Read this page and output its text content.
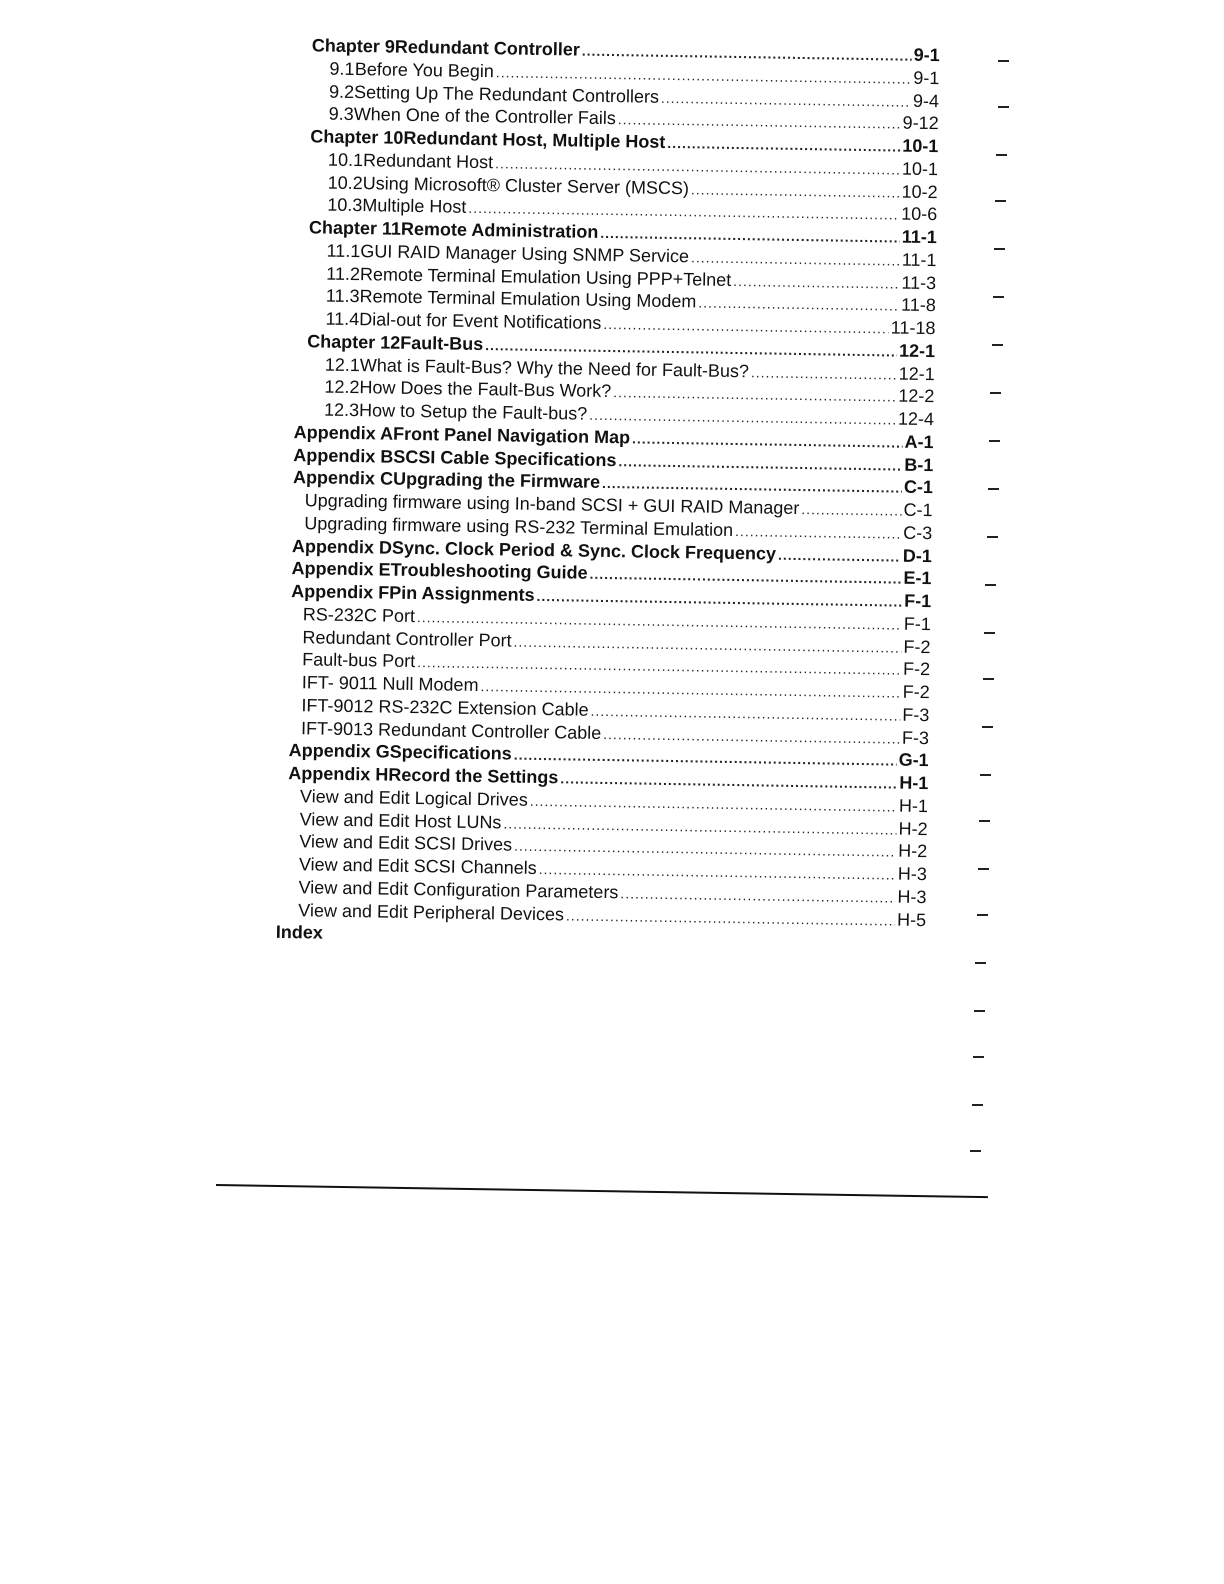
Chapter 9 Redundant Controller .....	9-1
9.1 Before You Begin .....	9-1
9.2 Setting Up The Redundant Controllers .....	9-4
9.3 When One of the Controller Fails .....	9-12
Chapter 10 Redundant Host, Multiple Host .....	10-1
10.1 Redundant Host .....	10-1
10.2 Using Microsoft® Cluster Server (MSCS) .....	10-2
10.3 Multiple Host .....	10-6
Chapter 11 Remote Administration .....	11-1
11.1 GUI RAID Manager Using SNMP Service .....	11-1
11.2 Remote Terminal Emulation Using PPP+Telnet .....	11-3
11.3 Remote Terminal Emulation Using Modem .....	11-8
11.4 Dial-out for Event Notifications .....	11-18
Chapter 12 Fault-Bus .....	12-1
12.1 What is Fault-Bus? Why the Need for Fault-Bus? .....	12-1
12.2 How Does the Fault-Bus Work? .....	12-2
12.3 How to Setup the Fault-bus? .....	12-4
Appendix A Front Panel Navigation Map .....	A-1
Appendix B SCSI Cable Specifications .....	B-1
Appendix C Upgrading the Firmware .....	C-1
Upgrading firmware using In-band SCSI + GUI RAID Manager .....	C-1
Upgrading firmware using RS-232 Terminal Emulation .....	C-3
Appendix D Sync. Clock Period & Sync. Clock Frequency .....	D-1
Appendix E Troubleshooting Guide .....	E-1
Appendix F Pin Assignments .....	F-1
RS-232C Port .....	F-1
Redundant Controller Port .....	F-2
Fault-bus Port .....	F-2
IFT- 9011 Null Modem .....	F-2
IFT-9012 RS-232C Extension Cable .....	F-3
IFT-9013 Redundant Controller Cable .....	F-3
Appendix G Specifications .....	G-1
Appendix H Record the Settings .....	H-1
View and Edit Logical Drives .....	H-1
View and Edit Host LUNs .....	H-2
View and Edit SCSI Drives .....	H-2
View and Edit SCSI Channels .....	H-3
View and Edit Configuration Parameters .....	H-3
View and Edit Peripheral Devices .....	H-5
Index
